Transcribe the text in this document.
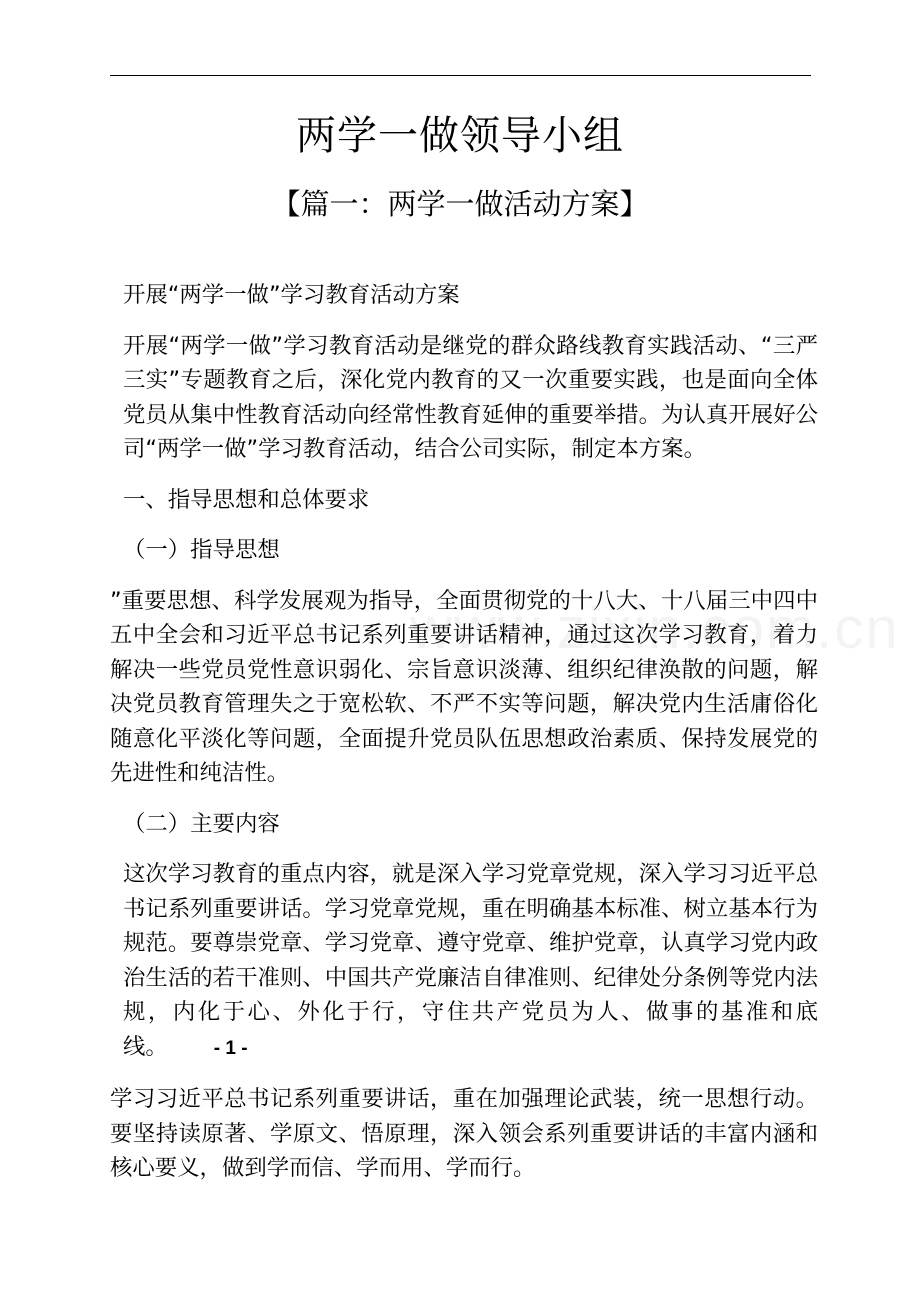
两学一做领导小组
【篇一：两学一做活动方案】

开展“两学一做”学习教育活动方案

开展“两学一做”学习教育活动是继党的群众路线教育实践活动、“三严三实”专题教育之后，深化党内教育的又一次重要实践，也是面向全体党员从集中性教育活动向经常性教育延伸的重要举措。为认真开展好公司“两学一做”学习教育活动，结合公司实际，制定本方案。

一、指导思想和总体要求

（一）指导思想

”重要思想、科学发展观为指导，全面贯彻党的十八大、十八届三中四中五中全会和习近平总书记系列重要讲话精神，通过这次学习教育，着力解决一些党员党性意识弱化、宗旨意识淡薄、组织纪律涣散的问题，解决党员教育管理失之于宽松软、不严不实等问题，解决党内生活庸俗化随意化平淡化等问题，全面提升党员队伍思想政治素质、保持发展党的先进性和纯洁性。

（二）主要内容

这次学习教育的重点内容，就是深入学习党章党规，深入学习习近平总书记系列重要讲话。学习党章党规，重在明确基本标准、树立基本行为规范。要尊崇党章、学习党章、遵守党章、维护党章，认真学习党内政治生活的若干准则、中国共产党廉洁自律准则、纪律处分条例等党内法规，内化于心、外化于行，守住共产党员为人、做事的基准和底线。 - 1 -

学习习近平总书记系列重要讲话，重在加强理论武装，统一思想行动。要坚持读原著、学原文、悟原理，深入领会系列重要讲话的丰富内涵和核心要义，做到学而信、学而用、学而行。
